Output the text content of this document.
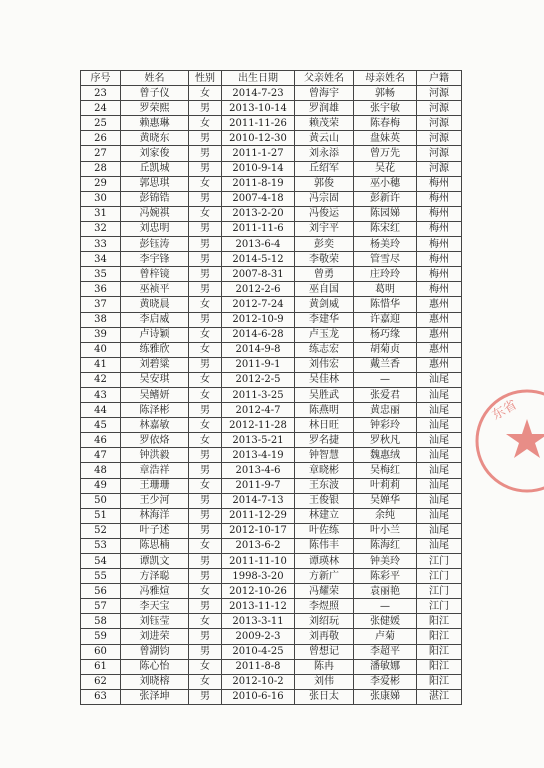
序号	姓名	性别	出生日期	父亲姓名	母亲姓名	户籍
23	曾子仪	女	2014-7-23	曾海宇	郭畅	河源
24	罗荣熙	男	2013-10-14	罗润雄	张宇敏	河源
25	赖惠琳	女	2011-11-26	赖茂荣	陈春梅	河源
26	黄晓东	男	2010-12-30	黄云山	盘妹英	河源
27	刘家俊	男	2011-1-27	刘永添	曾万先	河源
28	丘凯城	男	2010-9-14	丘绍军	吴花	河源
29	郭思琪	女	2011-8-19	郭俊	巫小穗	梅州
30	彭锦锆	男	2007-4-18	冯宗固	彭新许	梅州
31	冯婉祺	女	2013-2-20	冯俊运	陈园娣	梅州
32	刘忠明	男	2011-11-6	刘宇平	陈宋红	梅州
33	彭钰涛	男	2013-6-4	彭奕	杨美玲	梅州
34	李宇锋	男	2014-5-12	李敬荣	管雪尽	梅州
35	曾梓镜	男	2007-8-31	曾勇	庄玲玲	梅州
36	巫祯平	男	2012-2-6	巫自国	葛明	梅州
37	黄晓晨	女	2012-7-24	黄剑威	陈惜华	惠州
38	李启威	男	2012-10-9	李建华	许嘉迎	惠州
39	卢诗颖	女	2014-6-28	卢玉龙	杨巧缘	惠州
40	练雅欣	女	2014-9-8	练志宏	胡菊贞	惠州
41	刘碧粱	男	2011-9-1	刘伟宏	戴兰香	惠州
42	吴安琪	女	2012-2-5	吴佳林	—	汕尾
43	吴鳍妍	女	2011-3-25	吴胜武	张爱君	汕尾
44	陈泽彬	男	2012-4-7	陈燕明	黄忠丽	汕尾
45	林嘉敏	女	2012-11-28	林日旺	钟彩玲	汕尾
46	罗依烙	女	2013-5-21	罗名捷	罗秋凡	汕尾
47	钟洪毅	男	2013-4-19	钟智慧	魏惠绒	汕尾
48	章浩祥	男	2013-4-6	章晓彬	吴梅红	汕尾
49	王珊珊	女	2011-9-7	王东波	叶莉莉	汕尾
50	王少河	男	2014-7-13	王俊银	吴婵华	汕尾
51	林海洋	男	2011-12-29	林建立	余纯	汕尾
52	叶子述	男	2012-10-17	叶佐练	叶小兰	汕尾
53	陈思楠	女	2013-6-2	陈伟丰	陈海红	汕尾
54	谭凯文	男	2011-11-10	谭瑛林	钟美玲	江门
55	方泽聪	男	1998-3-20	方新广	陈彩平	江门
56	冯雅煊	女	2012-10-26	冯耀荣	袁丽艳	江门
57	李天宝	男	2013-11-12	李煜照	—	江门
58	刘钰莹	女	2013-3-11	刘绍玩	张健媛	阳江
59	刘进荣	男	2009-2-3	刘再敬	卢菊	阳江
60	曾湖钧	男	2010-4-25	曾想记	李超平	阳江
61	陈心怡	女	2011-8-8	陈冉	潘敏娜	阳江
62	刘晓榕	女	2012-10-2	刘伟	李爱彬	阳江
63	张泽坤	男	2010-6-16	张日太	张康娣	湛江
东省
